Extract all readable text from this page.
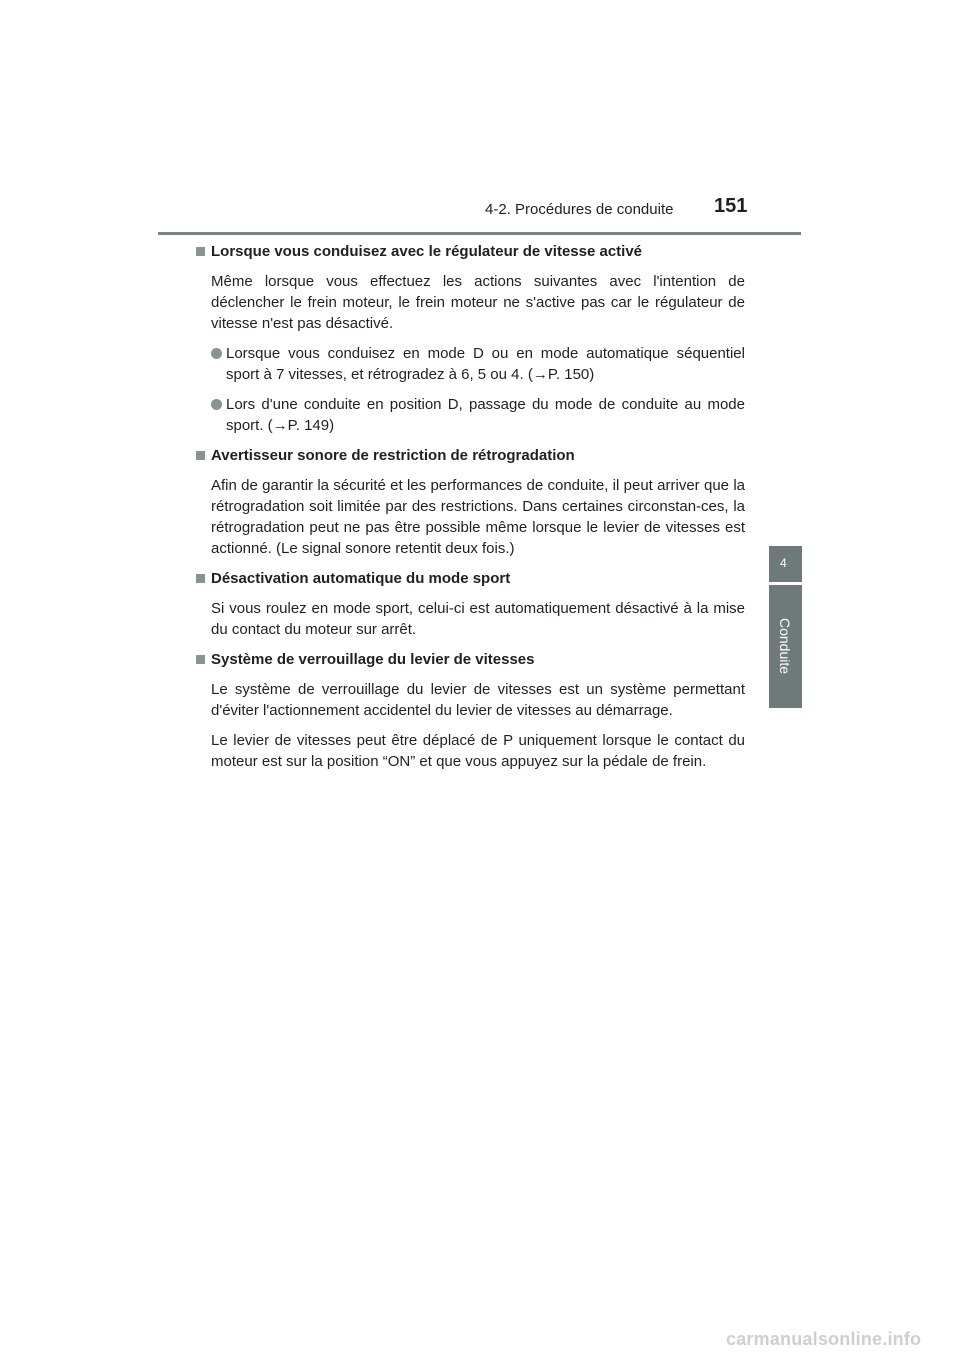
4-2. Procédures de conduite 151
4
Conduite
Lorsque vous conduisez avec le régulateur de vitesse activé
Même lorsque vous effectuez les actions suivantes avec l'intention de déclencher le frein moteur, le frein moteur ne s'active pas car le régulateur de vitesse n'est pas désactivé.
Lorsque vous conduisez en mode D ou en mode automatique séquentiel sport à 7 vitesses, et rétrogradez à 6, 5 ou 4. (→P. 150)
Lors d'une conduite en position D, passage du mode de conduite au mode sport. (→P. 149)
Avertisseur sonore de restriction de rétrogradation
Afin de garantir la sécurité et les performances de conduite, il peut arriver que la rétrogradation soit limitée par des restrictions. Dans certaines circonstan-ces, la rétrogradation peut ne pas être possible même lorsque le levier de vitesses est actionné. (Le signal sonore retentit deux fois.)
Désactivation automatique du mode sport
Si vous roulez en mode sport, celui-ci est automatiquement désactivé à la mise du contact du moteur sur arrêt.
Système de verrouillage du levier de vitesses
Le système de verrouillage du levier de vitesses est un système permettant d'éviter l'actionnement accidentel du levier de vitesses au démarrage.
Le levier de vitesses peut être déplacé de P uniquement lorsque le contact du moteur est sur la position “ON” et que vous appuyez sur la pédale de frein.
carmanualsonline.info
